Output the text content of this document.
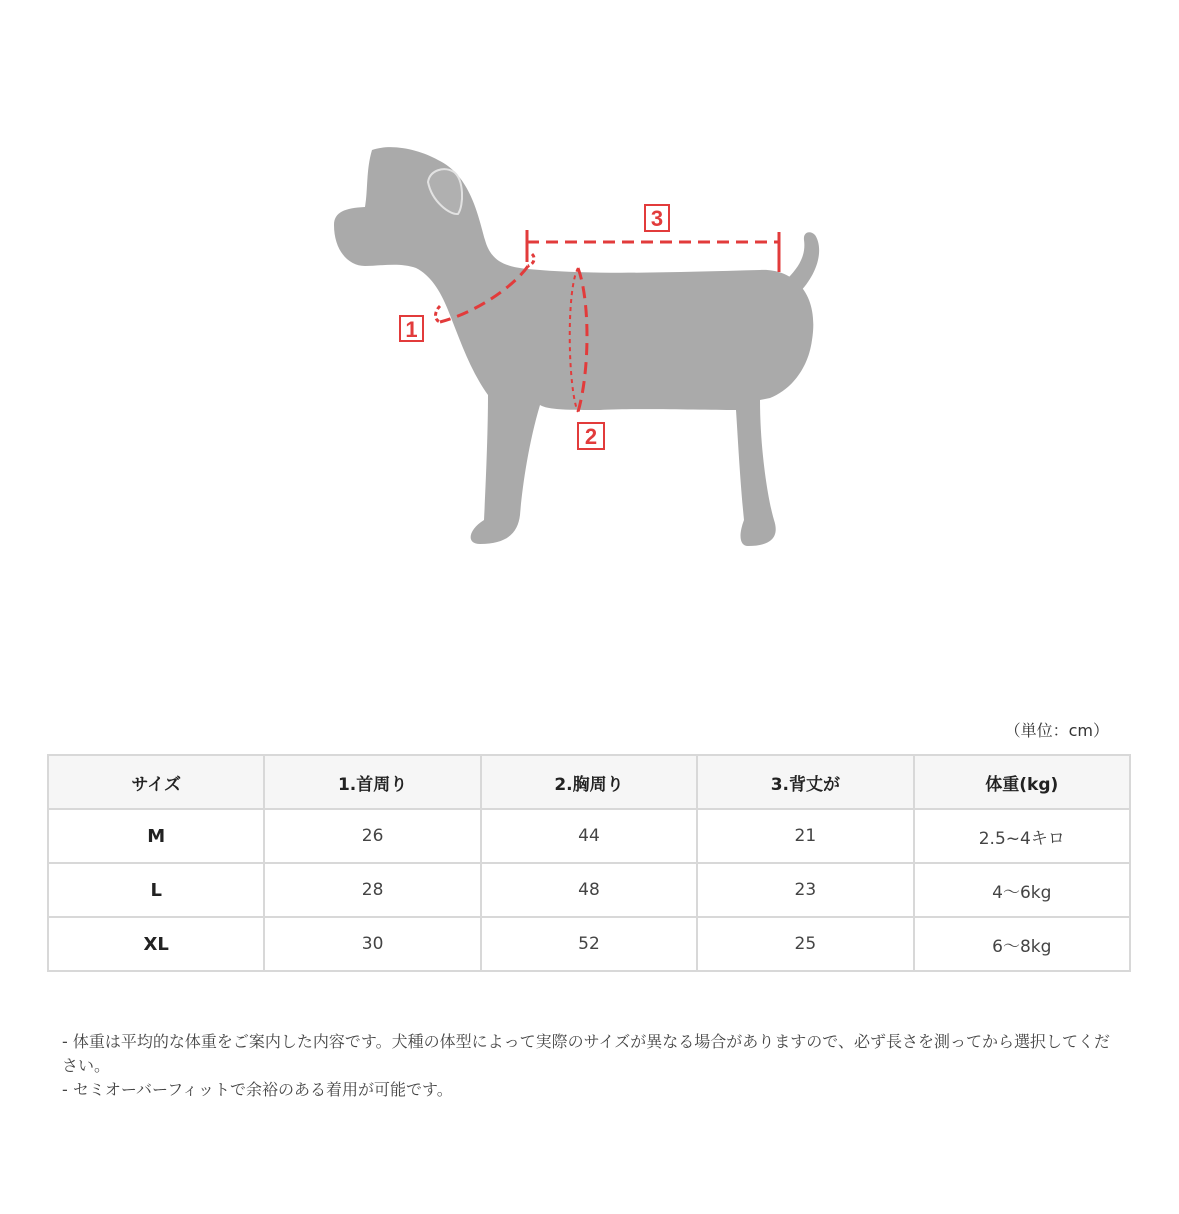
1
2
3
（単位：cm）
サイズ	1.首周り	2.胸周り	3.背丈が	体重(kg)
M	26	44	21	2.5~4キロ
L	28	48	23	4～6kg
XL	30	52	25	6～8kg

- 体重は平均的な体重をご案内した内容です。犬種の体型によって実際のサイズが異なる場合がありますので、必ず長さを測ってから選択してください。

- セミオーバーフィットで余裕のある着用が可能です。
